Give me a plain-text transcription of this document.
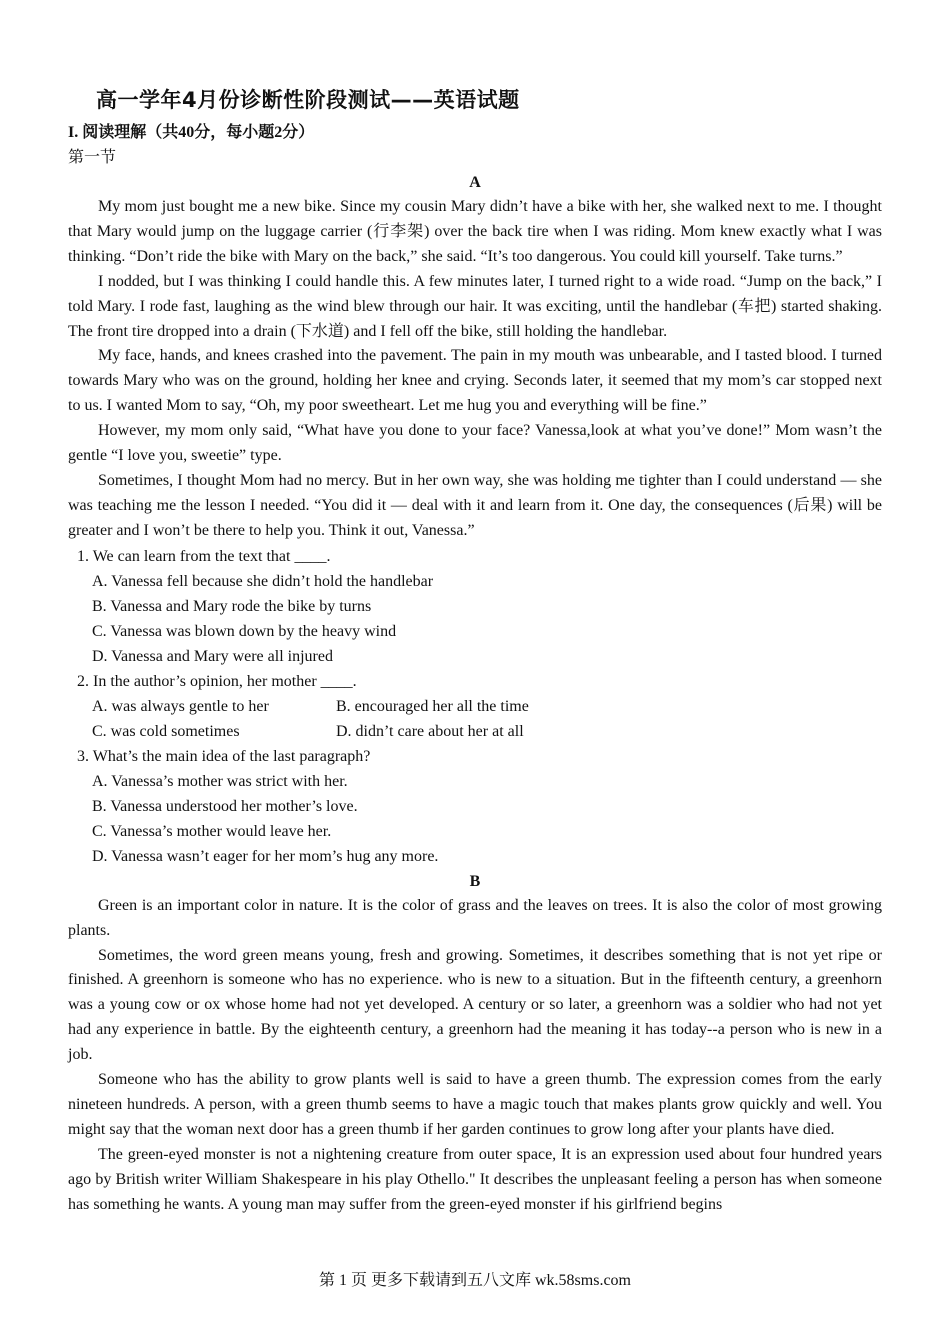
高一学年4月份诊断性阶段测试——英语试题
I. 阅读理解（共40分，每小题2分）
第一节
A

My mom just bought me a new bike. Since my cousin Mary didn’t have a bike with her, she walked next to me. I thought that Mary would jump on the luggage carrier (行李架) over the back tire when I was riding. Mom knew exactly what I was thinking. “Don’t ride the bike with Mary on the back,” she said. “It’s too dangerous. You could kill yourself. Take turns.”

I nodded, but I was thinking I could handle this. A few minutes later, I turned right to a wide road. “Jump on the back,” I told Mary. I rode fast, laughing as the wind blew through our hair. It was exciting, until the handlebar (车把) started shaking. The front tire dropped into a drain (下水道) and I fell off the bike, still holding the handlebar.

My face, hands, and knees crashed into the pavement. The pain in my mouth was unbearable, and I tasted blood. I turned towards Mary who was on the ground, holding her knee and crying. Seconds later, it seemed that my mom’s car stopped next to us. I wanted Mom to say, “Oh, my poor sweetheart. Let me hug you and everything will be fine.”

However, my mom only said, “What have you done to your face? Vanessa,look at what you’ve done!” Mom wasn’t the gentle “I love you, sweetie” type.

Sometimes, I thought Mom had no mercy. But in her own way, she was holding me tighter than I could understand — she was teaching me the lesson I needed. “You did it — deal with it and learn from it. One day, the consequences (后果) will be greater and I won’t be there to help you. Think it out, Vanessa.”

1. We can learn from the text that ____.
A. Vanessa fell because she didn’t hold the handlebar
B. Vanessa and Mary rode the bike by turns
C. Vanessa was blown down by the heavy wind
D. Vanessa and Mary were all injured
2. In the author’s opinion, her mother ____.
A. was always gentle to her	B. encouraged her all the time
C. was cold sometimes	D. didn’t care about her at all
3. What’s the main idea of the last paragraph?
A. Vanessa’s mother was strict with her.
B. Vanessa understood her mother’s love.
C. Vanessa’s mother would leave her.
D. Vanessa wasn’t eager for her mom’s hug any more.
B

Green is an important color in nature. It is the color of grass and the leaves on trees. It is also the color of most growing plants.

Sometimes, the word green means young, fresh and growing. Sometimes, it describes something that is not yet ripe or finished. A greenhorn is someone who has no experience. who is new to a situation. But in the fifteenth century, a greenhorn was a young cow or ox whose home had not yet developed. A century or so later, a greenhorn was a soldier who had not yet had any experience in battle. By the eighteenth century, a greenhorn had the meaning it has today--a person who is new in a job.

Someone who has the ability to grow plants well is said to have a green thumb. The expression comes from the early nineteen hundreds. A person, with a green thumb seems to have a magic touch that makes plants grow quickly and well. You might say that the woman next door has a green thumb if her garden continues to grow long after your plants have died.

The green-eyed monster is not a nightening creature from outer space, It is an expression used about four hundred years ago by British writer William Shakespeare in his play Othello." It describes the unpleasant feeling a person has when someone has something he wants. A young man may suffer from the green-eyed monster if his girlfriend begins

第 1 页 更多下载请到五八文库 wk.58sms.com
